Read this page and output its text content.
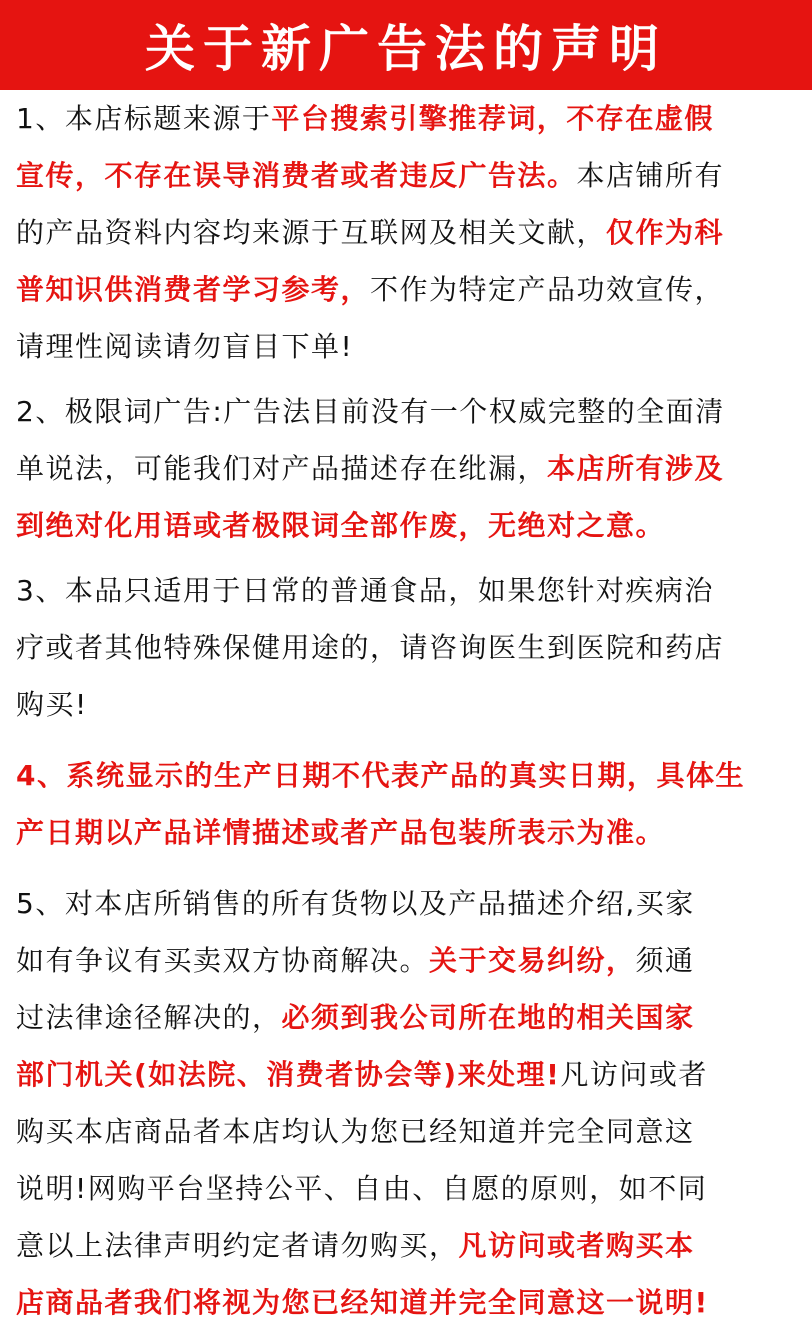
关于新广告法的声明
1、本店标题来源于平台搜索引擎推荐词，不存在虚假
宣传，不存在误导消费者或者违反广告法。本店铺所有
的产品资料内容均来源于互联网及相关文献，仅作为科
普知识供消费者学习参考，不作为特定产品功效宣传，
请理性阅读请勿盲目下单!
2、极限词广告:广告法目前没有一个权威完整的全面清
单说法，可能我们对产品描述存在纰漏，本店所有涉及
到绝对化用语或者极限词全部作废，无绝对之意。
3、本品只适用于日常的普通食品，如果您针对疾病治
疗或者其他特殊保健用途的，请咨询医生到医院和药店
购买!
4、系统显示的生产日期不代表产品的真实日期，具体生
产日期以产品详情描述或者产品包装所表示为准。
5、对本店所销售的所有货物以及产品描述介绍,买家
如有争议有买卖双方协商解决。关于交易纠纷，须通
过法律途径解决的，必须到我公司所在地的相关国家
部门机关(如法院、消费者协会等)来处理!凡访问或者
购买本店商品者本店均认为您已经知道并完全同意这
说明!网购平台坚持公平、自由、自愿的原则，如不同
意以上法律声明约定者请勿购买，凡访问或者购买本
店商品者我们将视为您已经知道并完全同意这一说明!
